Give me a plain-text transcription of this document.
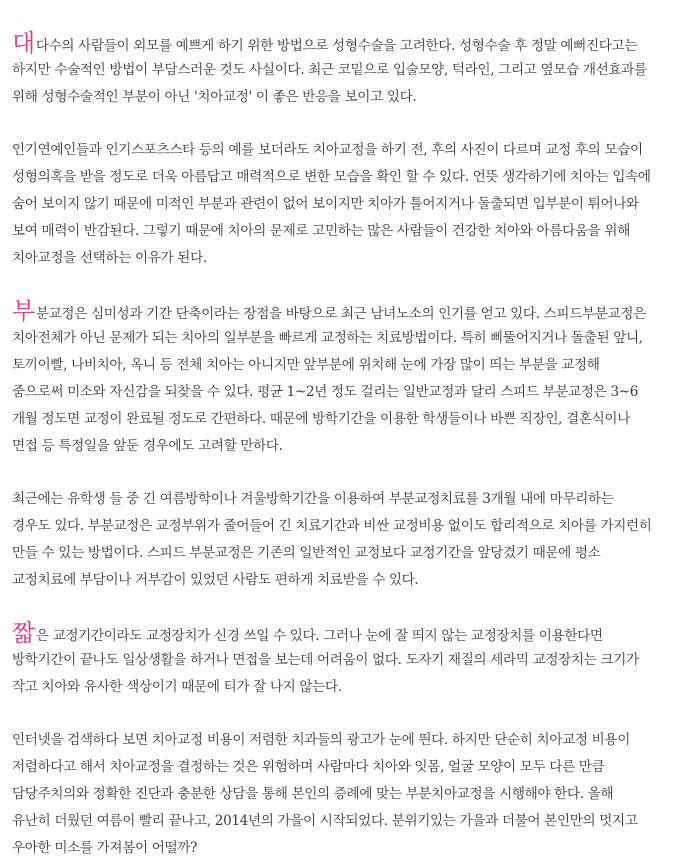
대다수의 사람들이 외모를 예쁘게 하기 위한 방법으로 성형수술을 고려한다. 성형수술 후 정말 예뻐진다고는
하지만 수술적인 방법이 부담스러운 것도 사실이다. 최근 코밑으로 입술모양, 턱라인, 그리고 옆모습 개선효과를
위해 성형수술적인 부분이 아닌 '치아교정' 이 좋은 반응을 보이고 있다.

인기연예인들과 인기스포츠스타 등의 예를 보더라도 치아교정을 하기 전, 후의 사진이 다르며 교정 후의 모습이
성형의혹을 받을 정도로 더욱 아름답고 매력적으로 변한 모습을 확인 할 수 있다. 언뜻 생각하기에 치아는 입속에
숨어 보이지 않기 때문에 미적인 부분과 관련이 없어 보이지만 치아가 틀어지거나 돌출되면 입부분이 튀어나와
보여 매력이 반감된다. 그렇기 때문에 치아의 문제로 고민하는 많은 사람들이 건강한 치아와 아름다움을 위해
치아교정을 선택하는 이유가 된다.

부분교정은 심미성과 기간 단축이라는 장점을 바탕으로 최근 남녀노소의 인기를 얻고 있다. 스피드부분교정은
치아전체가 아닌 문제가 되는 치아의 일부분을 빠르게 교정하는 치료방법이다. 특히 삐뚤어지거나 돌출된 앞니,
토끼이빨, 나비치아, 옥니 등 전체 치아는 아니지만 앞부분에 위치해 눈에 가장 많이 띄는 부분을 교정해
줌으로써 미소와 자신감을 되찾을 수 있다. 평균 1~2년 정도 걸리는 일반교정과 달리 스피드 부분교정은 3~6
개월 정도면 교정이 완료될 정도로 간편하다. 때문에 방학기간을 이용한 학생들이나 바쁜 직장인, 결혼식이나
면접 등 특정일을 앞둔 경우에도 고려할 만하다.

최근에는 유학생 들 중 긴 여름방학이나 겨울방학기간을 이용하여 부분교정치료를 3개월 내에 마무리하는
경우도 있다. 부분교정은 교정부위가 줄어들어 긴 치료기간과 비싼 교정비용 없이도 합리적으로 치아를 가지런히
만들 수 있는 방법이다. 스피드 부분교정은 기존의 일반적인 교정보다 교정기간을 앞당겼기 때문에 평소
교정치료에 부담이나 거부감이 있었던 사람도 편하게 치료받을 수 있다.

짧은 교정기간이라도 교정장치가 신경 쓰일 수 있다. 그러나 눈에 잘 띄지 않는 교정장치를 이용한다면
방학기간이 끝나도 일상생활을 하거나 면접을 보는데 어려움이 없다. 도자기 재질의 세라믹 교정장치는 크기가
작고 치아와 유사한 색상이기 때문에 티가 잘 나지 않는다.

인터넷을 검색하다 보면 치아교정 비용이 저렴한 치과들의 광고가 눈에 띈다. 하지만 단순히 치아교정 비용이
저렴하다고 해서 치아교정을 결정하는 것은 위험하며 사람마다 치아와 잇몸, 얼굴 모양이 모두 다른 만큼
담당주치의와 정확한 진단과 충분한 상담을 통해 본인의 증례에 맞는 부분치아교정을 시행해야 한다. 올해
유난히 더웠던 여름이 빨리 끝나고, 2014년의 가을이 시작되었다. 분위기있는 가을과 더불어 본인만의 멋지고
우아한 미소를 가져봄이 어떨까?
